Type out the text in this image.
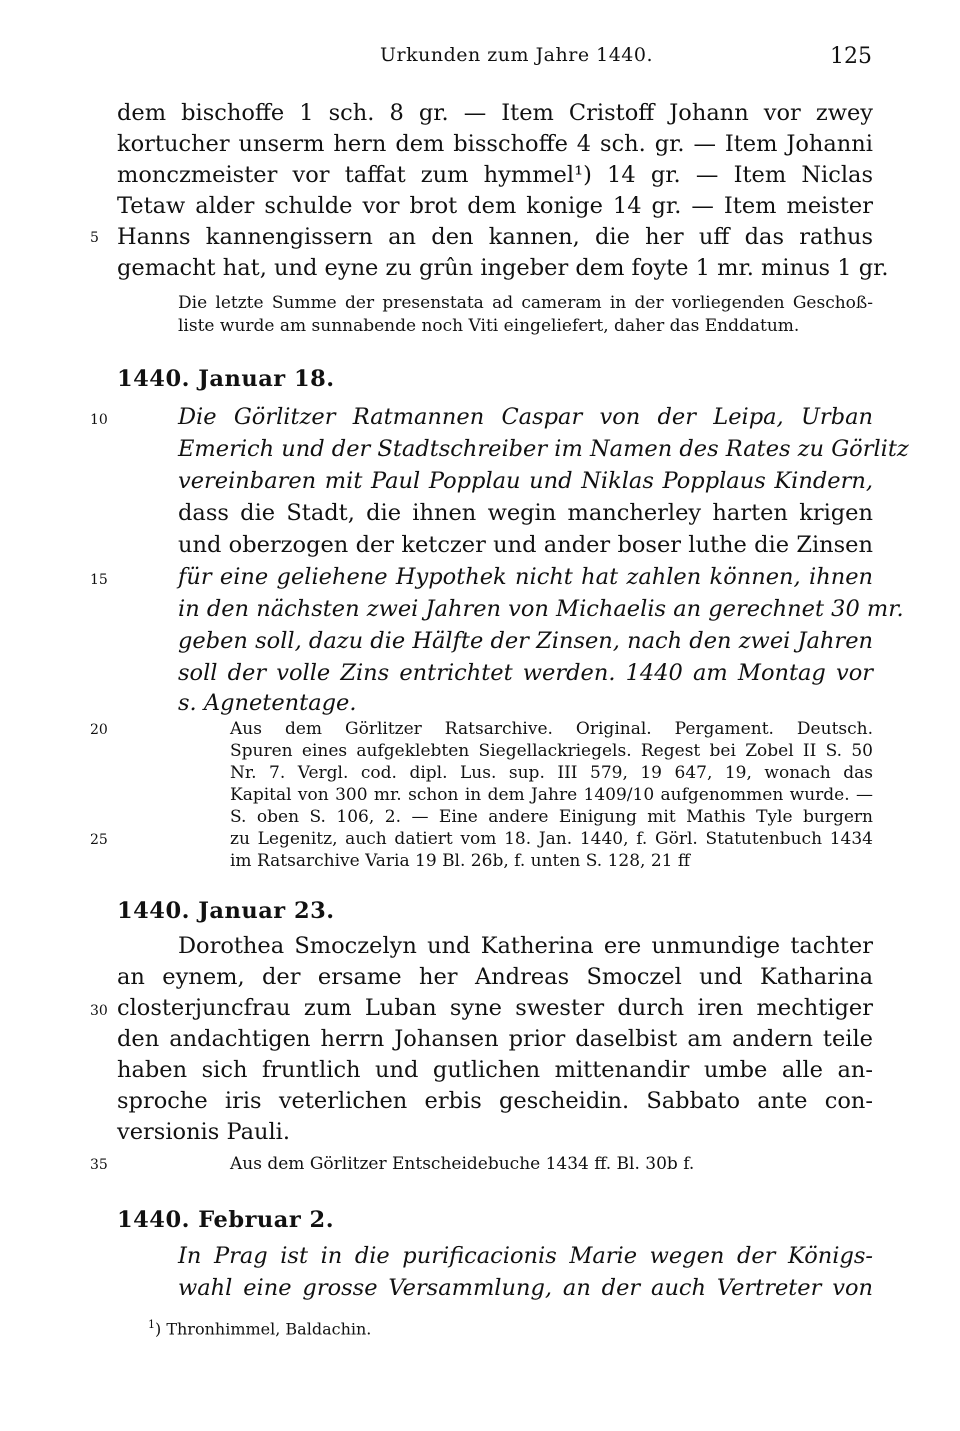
Urkunden zum Jahre 1440.	125
dem bischoffe 1 sch. 8 gr. — Item Cristoff Johann vor zwey
kortucher unserm hern dem bisschoffe 4 sch. gr. — Item Johanni
monczmeister vor taffat zum hymmel¹) 14 gr. — Item Niclas
Tetaw alder schulde vor brot dem konige 14 gr. — Item meister
5 Hanns kannengissern an den kannen, die her uff das rathus
gemacht hat, und eyne zu grûn ingeber dem foyte 1 mr. minus 1 gr.
Die letzte Summe der presenstata ad cameram in der vorliegenden Geschoß-
liste wurde am sunnabende noch Viti eingeliefert, daher das Enddatum.
1440. Januar 18.
10	Die Görlitzer Ratmannen Caspar von der Leipa, Urban
Emerich und der Stadtschreiber im Namen des Rates zu Görlitz
vereinbaren mit Paul Popplau und Niklas Popplaus Kindern,
dass die Stadt, die ihnen wegin mancherley harten krigen
und oberzogen der ketczer und ander boser luthe die Zinsen
15	für eine geliehene Hypothek nicht hat zahlen können, ihnen
in den nächsten zwei Jahren von Michaelis an gerechnet 30 mr.
geben soll, dazu die Hälfte der Zinsen, nach den zwei Jahren
soll der volle Zins entrichtet werden. 1440 am Montag vor
s. Agnetentage.
20	Aus dem Görlitzer Ratsarchive. Original. Pergament. Deutsch.
Spuren eines aufgeklebten Siegellackriegels. Regest bei Zobel II S. 50
Nr. 7. Vergl. cod. dipl. Lus. sup. III 579, 19 647, 19, wonach das
Kapital von 300 mr. schon in dem Jahre 1409/10 aufgenommen wurde. —
S. oben S. 106, 2. — Eine andere Einigung mit Mathis Tyle burgern
25	zu Legenitz, auch datiert vom 18. Jan. 1440, f. Görl. Statutenbuch 1434
im Ratsarchive Varia 19 Bl. 26b, f. unten S. 128, 21 ff
1440. Januar 23.
Dorothea Smoczelyn und Katherina ere unmundige tachter
an eynem, der ersame her Andreas Smoczel und Katharina
30 closterjuncfrau zum Luban syne swester durch iren mechtiger
den andachtigen herrn Johansen prior daselbist am andern teile
haben sich fruntlich und gutlichen mittenandir umbe alle an-
sproche iris veterlichen erbis gescheidin. Sabbato ante con-
versionis Pauli.
35	Aus dem Görlitzer Entscheidebuche 1434 ff. Bl. 30b f.
1440. Februar 2.
In Prag ist in die purificacionis Marie wegen der Königs-
wahl eine grosse Versammlung, an der auch Vertreter von
$^1$) Thronhimmel, Baldachin.
